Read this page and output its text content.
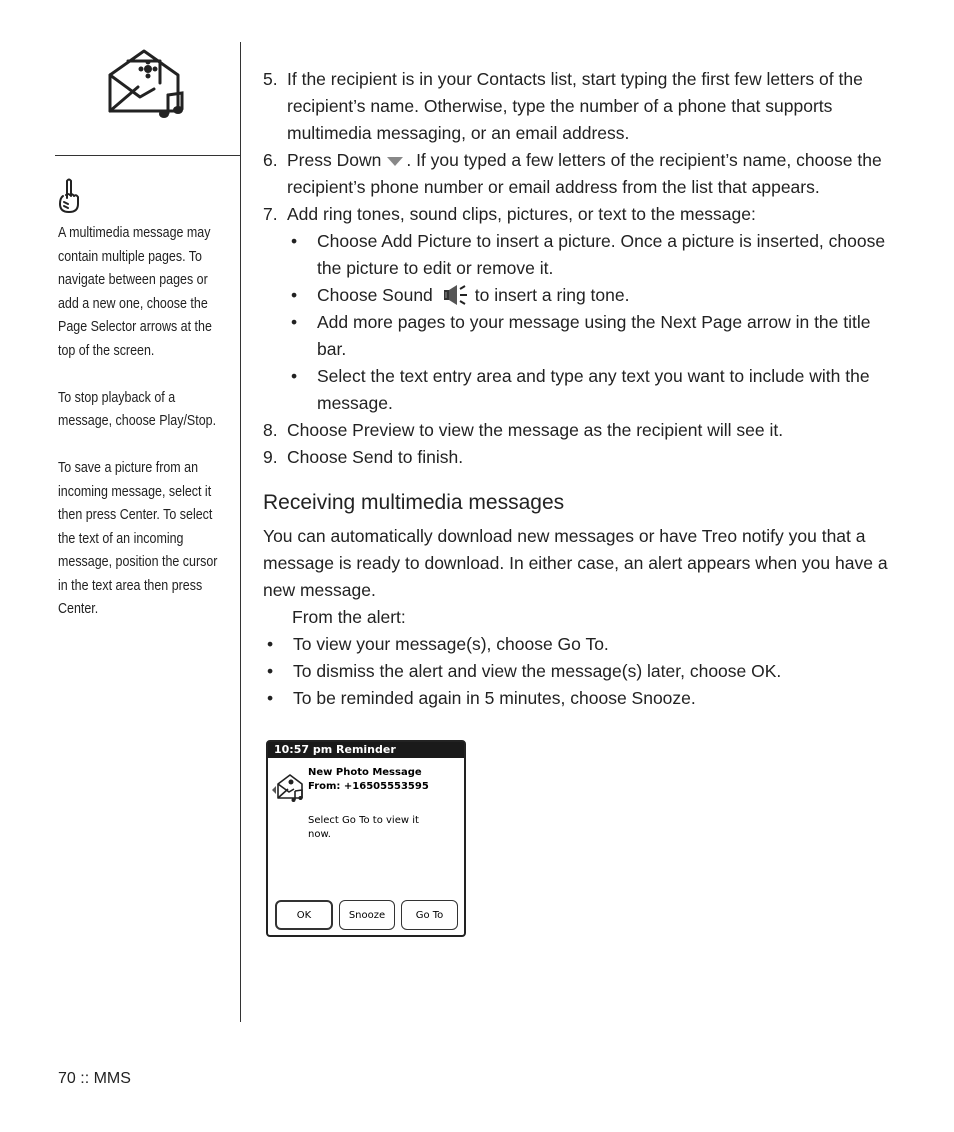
A multimedia message may contain multiple pages. To navigate between pages or add a new one, choose the Page Selector arrows at the top of the screen.

To stop playback of a message, choose Play/Stop.

To save a picture from an incoming message, select it then press Center. To select the text of an incoming message, position the cursor in the text area then press Center.

5. If the recipient is in your Contacts list, start typing the first few letters of the recipient’s name. Otherwise, type the number of a phone that supports multimedia messaging, or an email address.
6. Press Down . If you typed a few letters of the recipient’s name, choose the recipient’s phone number or email address from the list that appears.
7. Add ring tones, sound clips, pictures, or text to the message:
• Choose Add Picture to insert a picture. Once a picture is inserted, choose the picture to edit or remove it.
• Choose Sound to insert a ring tone.
• Add more pages to your message using the Next Page arrow in the title bar.
• Select the text entry area and type any text you want to include with the message.
8. Choose Preview to view the message as the recipient will see it.
9. Choose Send to finish.
Receiving multimedia messages
You can automatically download new messages or have Treo notify you that a message is ready to download. In either case, an alert appears when you have a new message.
From the alert:
• To view your message(s), choose Go To.
• To dismiss the alert and view the message(s) later, choose OK.
• To be reminded again in 5 minutes, choose Snooze.
10:57 pm Reminder
New Photo Message
From: +16505553595
Select Go To to view it now.
OK	Snooze	Go To
70 :: MMS
